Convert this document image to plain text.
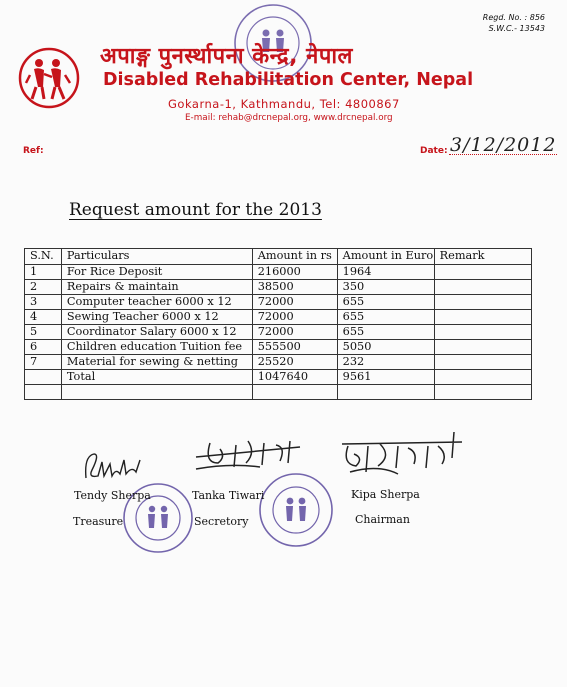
Regd. No. : 856
S.W.C.- 13543
अपाङ्ग पुनर्स्थापना केन्द्र, नेपाल
Disabled Rehabilitation Center, Nepal
Gokarna-1, Kathmandu, Tel: 4800867
E-mail: rehab@drcnepal.org, www.drcnepal.org
Ref:	Date: 3/12/2012
Request amount for the 2013
S.N.	Particulars	Amount in rs	Amount in Euro	Remark
1	For Rice Deposit	216000	1964	
2	Repairs & maintain	38500	350	
3	Computer teacher 6000 x 12	72000	655	
4	Sewing Teacher 6000 x 12	72000	655	
5	Coordinator Salary 6000 x 12	72000	655	
6	Children education Tuition fee	555500	5050	
7	Material for sewing & netting	25520	232	
	Total	1047640	9561	

Tendy Sherpa
Treasure
Tanka Tiwari
Secretory
Kipa Sherpa
Chairman
